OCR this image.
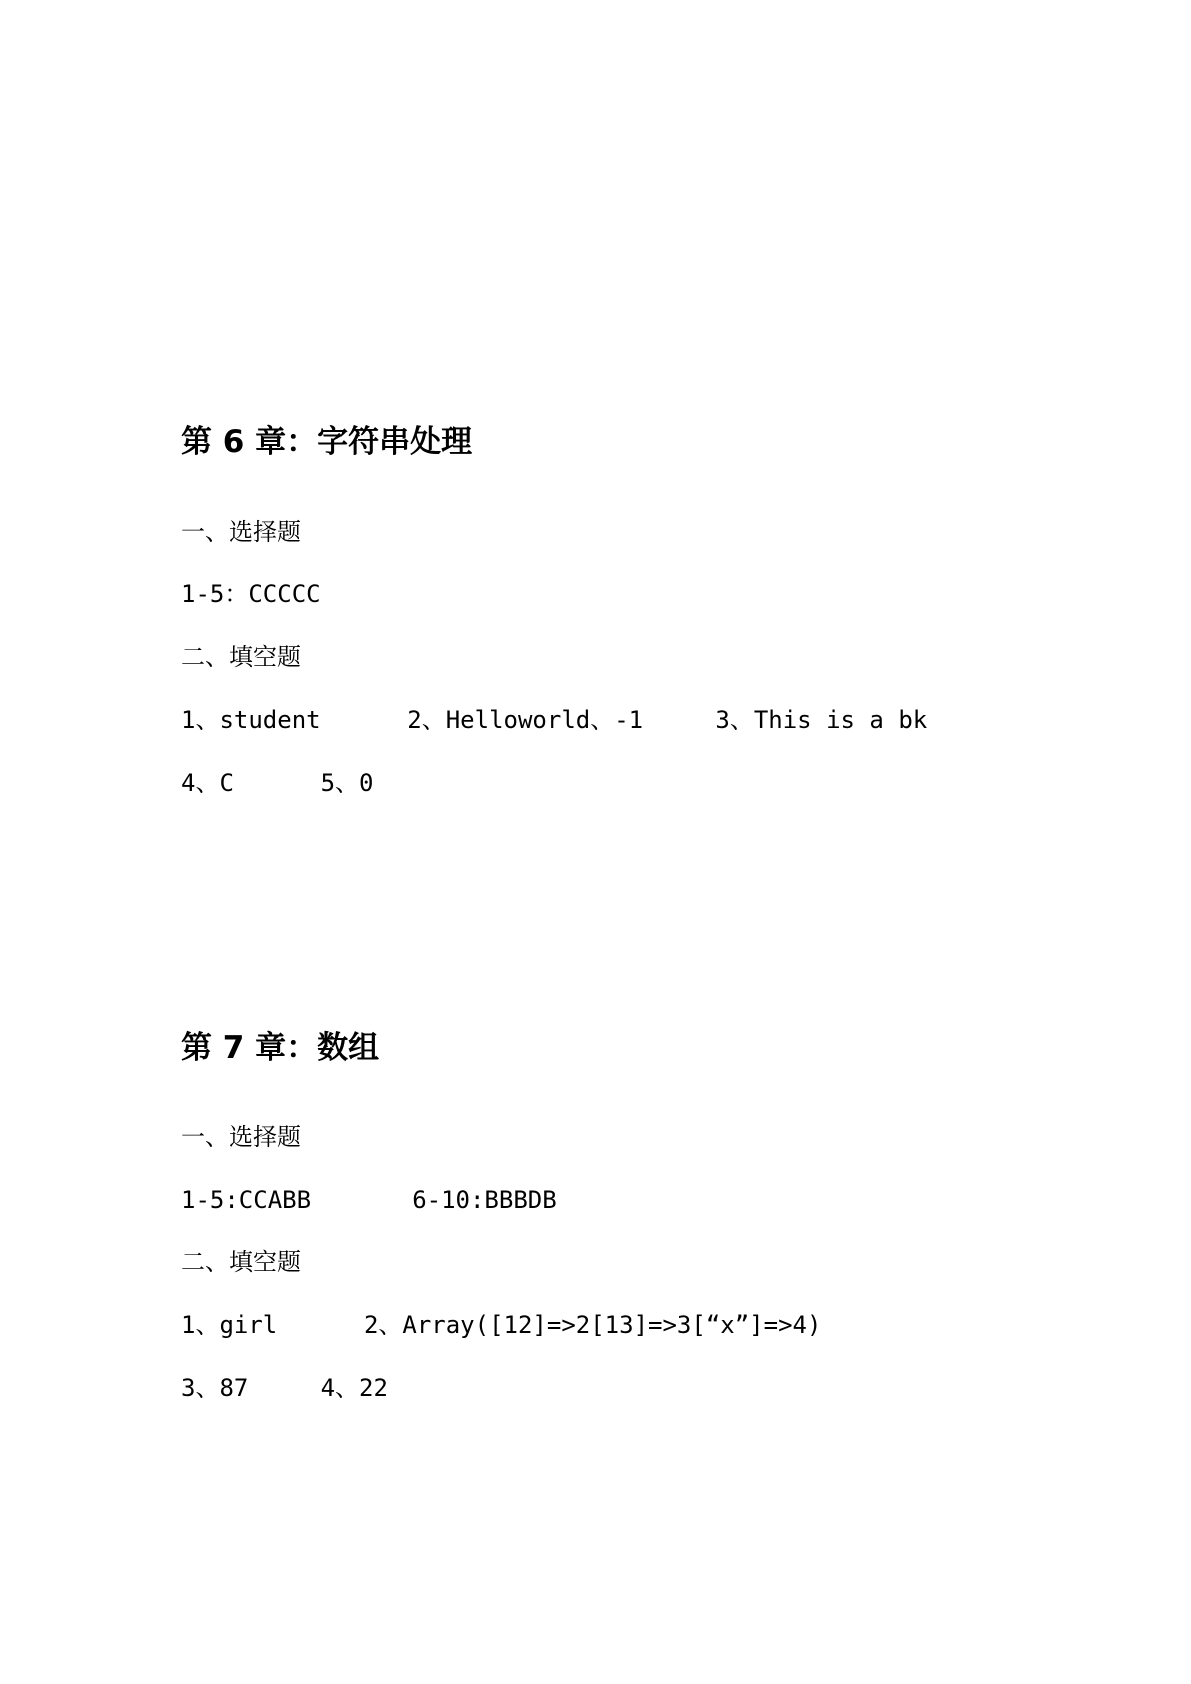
第 6 章：字符串处理
一、选择题
1-5：CCCCC
二、填空题
1、student      2、Helloworld、-1     3、This is a bk
4、C      5、0
第 7 章：数组
一、选择题
1-5:CCABB       6-10:BBBDB
二、填空题
1、girl      2、Array([12]=>2[13]=>3[“x”]=>4)
3、87     4、22
